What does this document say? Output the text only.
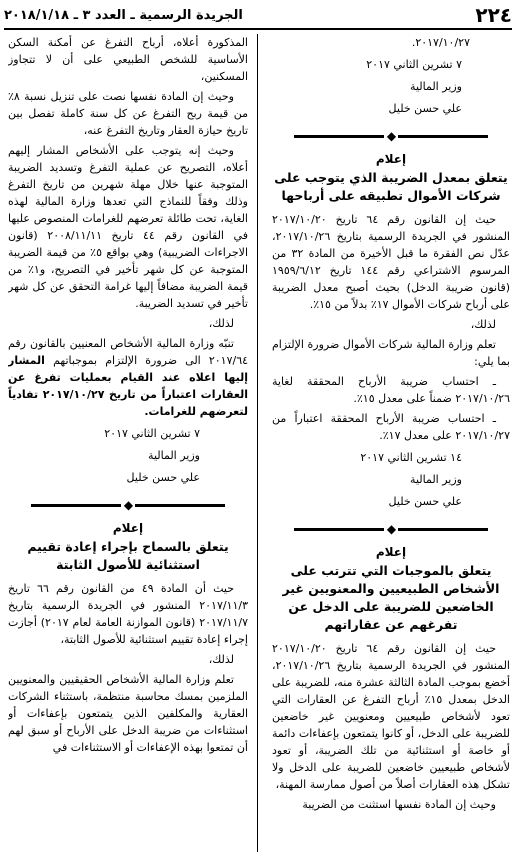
٢٢٤
الجريدة الرسمية ـ العدد ٣ ـ ٢٠١٨/١/١٨

٢٠١٧/١٠/٢٧.

٧ تشرين الثاني ٢٠١٧
وزير المالية
علي حسن خليل
◆
إعلام
يتعلق بمعدل الضريبة الذي يتوجب على شركات الأموال تطبيقه على أرباحها

حيث إن القانون رقم ٦٤ تاريخ ٢٠١٧/١٠/٢٠ المنشور في الجريدة الرسمية بتاريخ ٢٠١٧/١٠/٢٦، عدّل نص الفقرة ما قبل الأخيرة من المادة ٣٢ من المرسوم الاشتراعي رقم ١٤٤ تاريخ ١٩٥٩/٦/١٢ (قانون ضريبة الدخل) بحيث أصبح معدل الضريبة على أرباح شركات الأموال ١٧٪ بدلاً من ١٥٪.

لذلك،

تعلم وزارة المالية شركات الأموال ضرورة الإلتزام بما يلي:

ـ احتساب ضريبة الأرباح المحققة لغاية ٢٠١٧/١٠/٢٦ ضمناً على معدل ١٥٪.

ـ احتساب ضريبة الأرباح المحققة اعتباراً من ٢٠١٧/١٠/٢٧ على معدل ١٧٪.

١٤ تشرين الثاني ٢٠١٧
وزير المالية
علي حسن خليل
◆
إعلام
يتعلق بالموجبات التي تترتب على الأشخاص الطبيعيين والمعنويين غير الخاضعين للضريبة على الدخل عن تفرغهم عن عقاراتهم

حيث إن القانون رقم ٦٤ تاريخ ٢٠١٧/١٠/٢٠ المنشور في الجريدة الرسمية بتاريخ ٢٠١٧/١٠/٢٦، أخضع بموجب المادة الثالثة عشرة منه، للضريبة على الدخل بمعدل ١٥٪ أرباح التفرغ عن العقارات التي تعود لأشخاص طبيعيين ومعنويين غير خاضعين للضريبة على الدخل، أو كانوا يتمتعون بإعفاءات دائمة أو خاصة أو استثنائية من تلك الضريبة، أو تعود لأشخاص طبيعيين خاضعين للضريبة على الدخل ولا تشكل هذه العقارات أصلاً من أصول ممارسة المهنة،

وحيث إن المادة نفسها استثنت من الضريبة

المذكورة أعلاه، أرباح التفرغ عن أمكنة السكن الأساسية للشخص الطبيعي على أن لا تتجاوز المسكنين،

وحيث إن المادة نفسها نصت على تنزيل نسبة ٨٪ من قيمة ربح التفرغ عن كل سنة كاملة تفصل بين تاريخ حيازة العقار وتاريخ التفرغ عنه،

وحيث إنه يتوجب على الأشخاص المشار إليهم أعلاه، التصريح عن عملية التفرغ وتسديد الضريبة المتوجبة عنها خلال مهلة شهرين من تاريخ التفرغ وذلك وفقاً للنماذج التي تعدها وزارة المالية لهذه الغاية، تحت طائلة تعرضهم للغرامات المنصوص عليها في القانون رقم ٤٤ تاريخ ٢٠٠٨/١١/١١ (قانون الاجراءات الضريبية) وهي بواقع ٥٪ من قيمة الضريبة المتوجبة عن كل شهر تأخير في التصريح، و١٪ من قيمة الضريبة مضافاً إليها غرامة التحقق عن كل شهر تأخير في تسديد الضريبة.

لذلك،

تنبّه وزارة المالية الأشخاص المعنيين بالقانون رقم ٢٠١٧/٦٤ الى ضرورة الإلتزام بموجباتهم المشار إليها اعلاه عند القيام بعمليات تفرغ عن العقارات اعتباراً من تاريخ ٢٠١٧/١٠/٢٧ تفادياً لتعرضهم للغرامات.

٧ تشرين الثاني ٢٠١٧
وزير المالية
علي حسن خليل
◆
إعلام
يتعلق بالسماح بإجراء إعادة تقييم استثنائية للأصول الثابتة

حيث أن المادة ٤٩ من القانون رقم ٦٦ تاريخ ٢٠١٧/١١/٣ المنشور في الجريدة الرسمية بتاريخ ٢٠١٧/١١/٧ (قانون الموازنة العامة لعام ٢٠١٧) أجازت إجراء إعادة تقييم استثنائية للأصول الثابتة،

لذلك،

تعلم وزارة المالية الأشخاص الحقيقيين والمعنويين الملزمين بمسك محاسبة منتظمة، باستثناء الشركات العقارية والمكلفين الذين يتمتعون بإعفاءات أو استثناءات من ضريبة الدخل على الأرباح أو سبق لهم أن تمتعوا بهذه الإعفاءات أو الاستثناءات في
